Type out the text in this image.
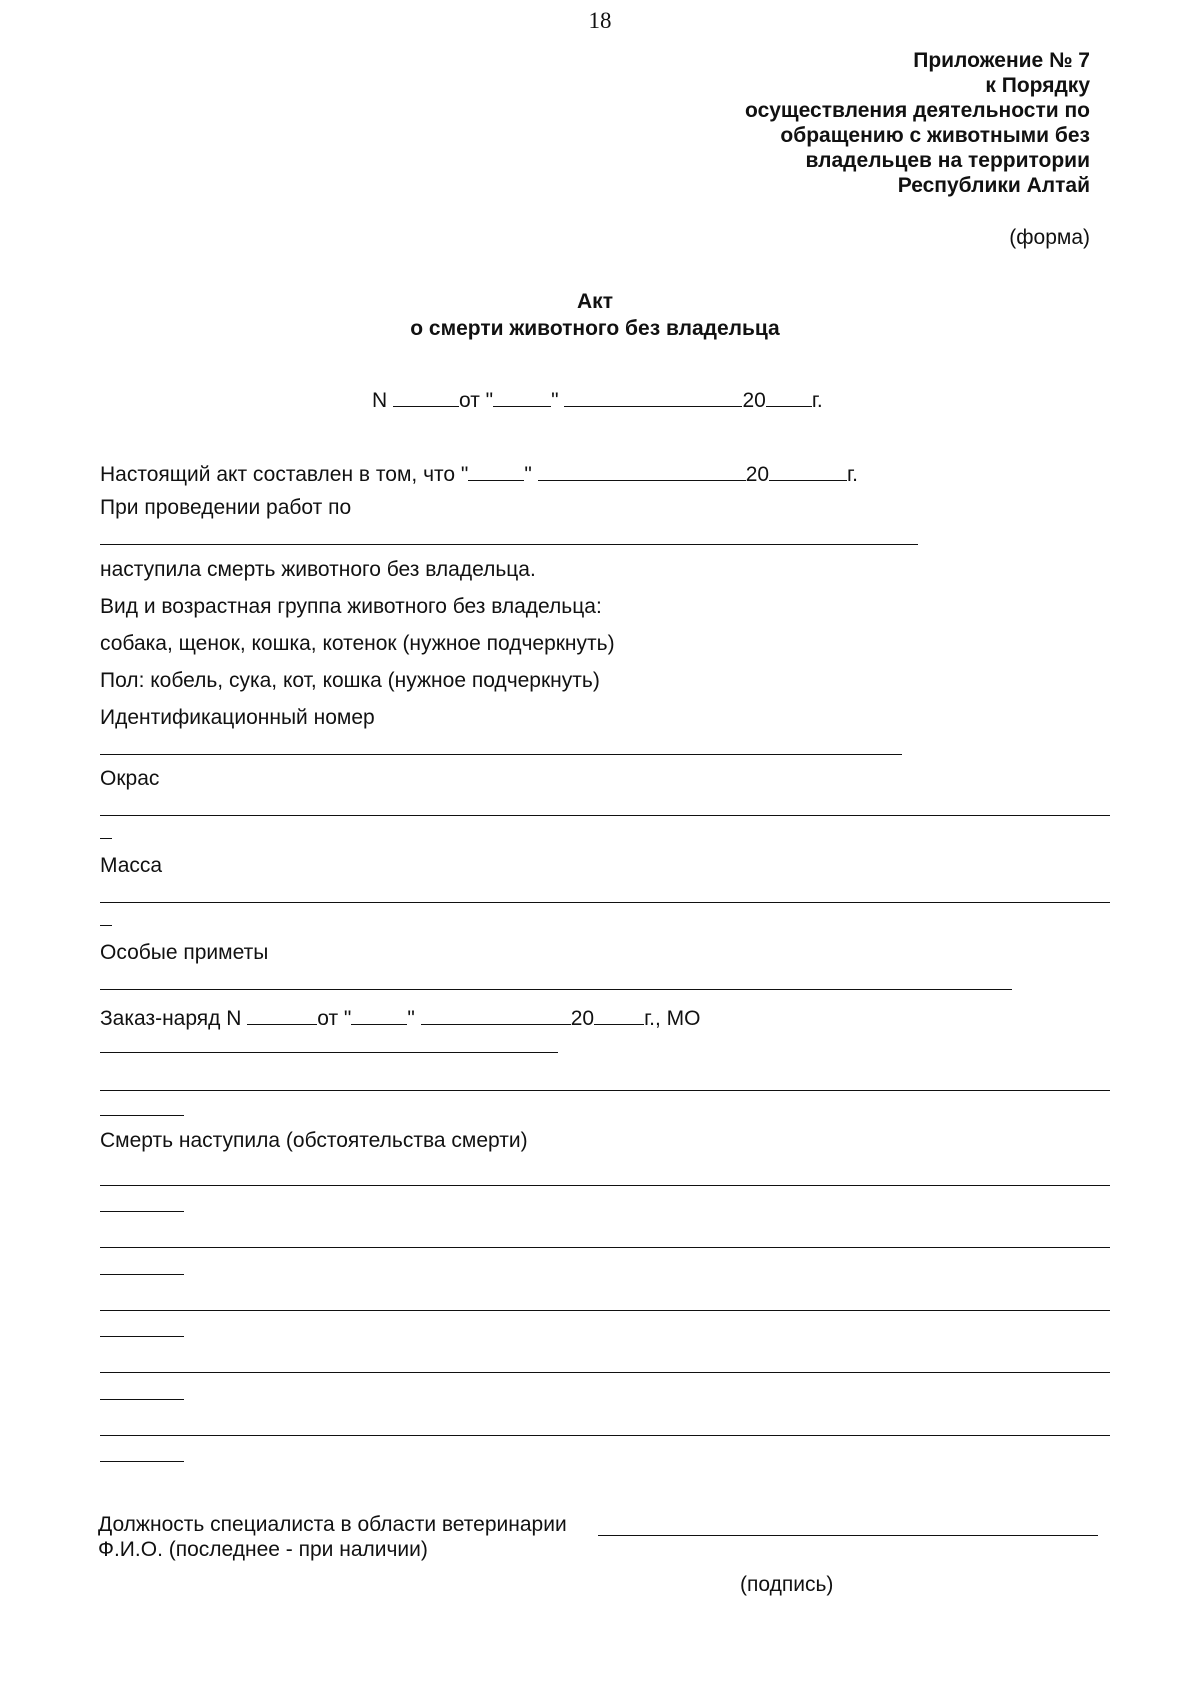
18
Приложение № 7
к Порядку
осуществления деятельности по
обращению с животными без
владельцев на территории
Республики Алтай
(форма)
Акт
о смерти животного без владельца
N	от "	"	20 г.
Настоящий акт составлен в том, что "	"	20	г.
При проведении работ по
наступила смерть животного без владельца.
Вид и возрастная группа животного без владельца:
собака, щенок, кошка, котенок (нужное подчеркнуть)
Пол: кобель, сука, кот, кошка (нужное подчеркнуть)
Идентификационный номер
Окрас
Масса
Особые приметы
Заказ-наряд N	от "	"	20 г., МО
Смерть наступила (обстоятельства смерти)
Должность специалиста в области ветеринарии
Ф.И.О. (последнее - при наличии)
(подпись)
